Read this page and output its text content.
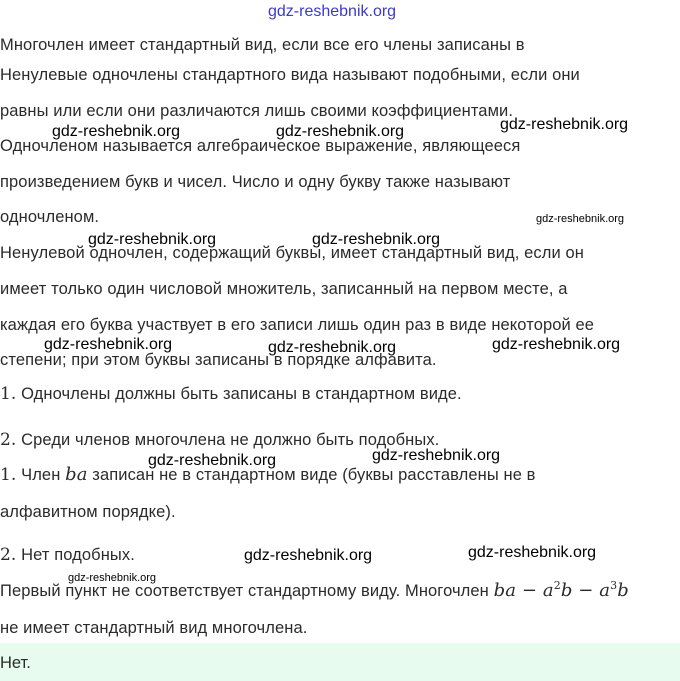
gdz-reshebnik.org
gdz-reshebnik.org	gdz-reshebnik.org	gdz-reshebnik.org
gdz-reshebnik.org
gdz-reshebnik.org	gdz-reshebnik.org
gdz-reshebnik.org	gdz-reshebnik.org	gdz-reshebnik.org
gdz-reshebnik.org	gdz-reshebnik.org
gdz-reshebnik.org	gdz-reshebnik.org
gdz-reshebnik.org
Многочлен имеет стандартный вид, если все его члены записаны в
Ненулевые одночлены стандартного вида называют подобными, если они
равны или если они различаются лишь своими коэффициентами.
Одночленом называется алгебраическое выражение, являющееся
произведением букв и чисел. Число и одну букву также называют
одночленом.
Ненулевой одночлен, содержащий буквы, имеет стандартный вид, если он
имеет только один числовой множитель, записанный на первом месте, а
каждая его буква участвует в его записи лишь один раз в виде некоторой ее
степени; при этом буквы записаны в порядке алфавита.
1. Одночлены должны быть записаны в стандартном виде.
2. Среди членов многочлена не должно быть подобных.
1. Член ba записан не в стандартном виде (буквы расставлены не в
алфавитном порядке).
2. Нет подобных.
Первый пункт не соответствует стандартному виду. Многочлен ba − $a^2b - a^3b$
не имеет стандартный вид многочлена.
Нет.
